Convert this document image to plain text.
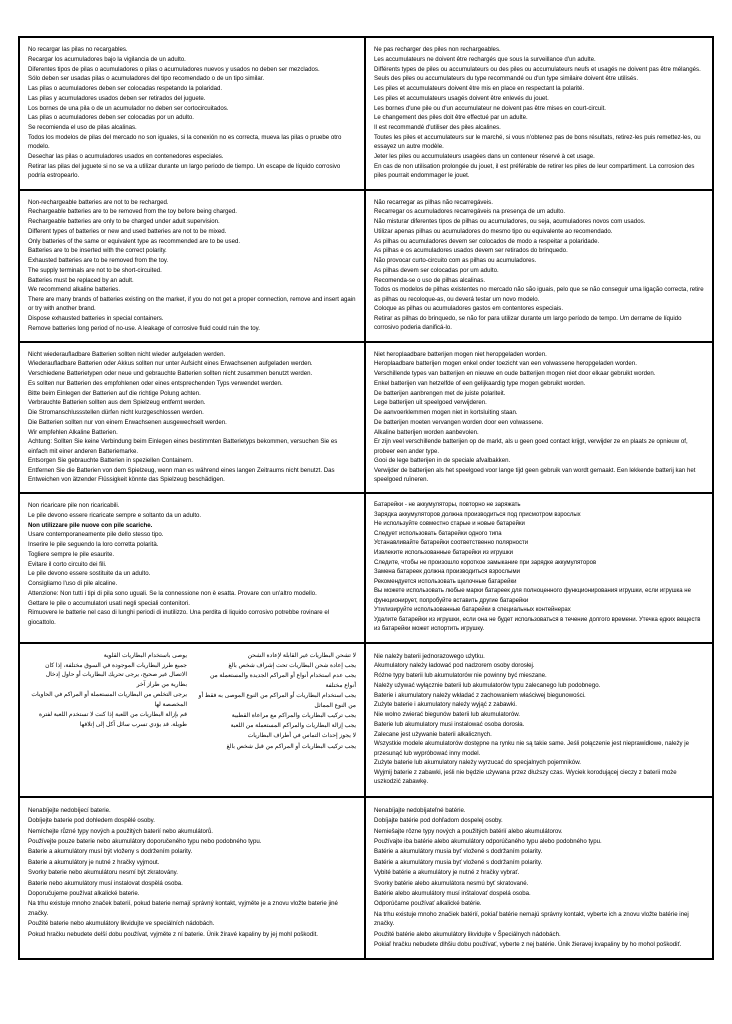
No recargar las pilas no recargables.

Recargar los acumuladores bajo la vigilancia de un adulto.

Diferentes tipos de pilas o acumuladores o pilas o acumuladores nuevos y usados no deben ser mezclados.

Sólo deben ser usadas pilas o acumuladores del tipo recomendado o de un tipo similar.

Las pilas o acumuladores deben ser colocadas respetando la polaridad.

Las pilas y acumuladores usados deben ser retirados del juguete.

Los bornes de una pila o de un acumulador no deben ser cortocircuitados.

Las pilas o acumuladores deben ser colocadas por un adulto.

Se recomienda el uso de pilas alcalinas.

Todos los modelos de pilas del mercado no son iguales, si la conexión no es correcta, mueva las pilas o pruebe otro modelo.

Desechar las pilas o acumuladores usados en contenedores especiales.

Retirar las pilas del juguete si no se va a utilizar durante un largo periodo de tiempo. Un escape de líquido corrosivo podría estropearlo.

Ne pas recharger des piles non rechargeables.

Les accumulateurs ne doivent être rechargés que sous la surveillance d'un adulte.

Différents types de piles ou accumulateurs ou des piles ou accumulateurs neufs et usagés ne doivent pas être mélangés.

Seuls des piles ou accumulateurs du type recommandé ou d'un type similaire doivent être utilisés.

Les piles et accumulateurs doivent être mis en place en respectant la polarité.

Les piles et accumulateurs usagés doivent être enlevés du jouet.

Les bornes d'une pile ou d'un accumulateur ne doivent pas être mises en court-circuit.

Le changement des piles doit être effectué par un adulte.

Il est recommandé d'utiliser des piles alcalines.

Toutes les piles et accumulateurs sur le marché, si vous n'obtenez pas de bons résultats, retirez-les puis remettez-les, ou essayez un autre modèle.

Jeter les piles ou accumulateurs usagées dans un conteneur réservé à cet usage.

En cas de non utilisation prolongée du jouet, il est préférable de retirer les piles de leur compartiment. La corrosion des piles pourrait endommager le jouet.

Non-rechargeable batteries are not to be recharged.

Rechargeable batteries are to be removed from the toy before being charged.

Rechargeable batteries are only to be charged under adult supervision.

Different types of batteries or new and used batteries are not to be mixed.

Only batteries of the same or equivalent type as recommended are to be used.

Batteries are to be inserted with the correct polarity.

Exhausted batteries are to be removed from the toy.

The supply terminals are not to be short-circuited.

Batteries must be replaced by an adult.

We recommend alkaline batteries.

There are many brands of batteries existing on the market, if you do not get a proper connection, remove and insert again or try with another brand.

Dispose exhausted batteries in special containers.

Remove batteries long period of no-use. A leakage of corrosive fluid could ruin the toy.

Não recarregar as pilhas não recarregáveis.

Recarregar os acumuladores recarregáveis na presença de um adulto.

Não misturar diferentes tipos de pilhas ou acumuladores, ou seja, acumuladores novos com usados.

Utilizar apenas pilhas ou acumuladores do mesmo tipo ou equivalente ao recomendado.

As pilhas ou acumuladores devem ser colocados de modo a respeitar a polaridade.

As pilhas e os acumuladores usados devem ser retirados do brinquedo.

Não provocar curto-circuito com as pilhas ou acumuladores.

As pilhas devem ser colocadas por um adulto.

Recomenda-se o uso de pilhas alcalinas.

Todos os modelos de pilhas existentes no mercado não são iguais, pelo que se não conseguir uma ligação correcta, retire as pilhas ou recoloque-as, ou deverá testar um novo modelo.

Coloque as pilhas ou acumuladores gastos em contentores especiais.

Retirar as pilhas do brinquedo, se não for para utilizar durante um largo período de tempo. Um derrame de líquido corrosivo poderia danificá-lo.

Nicht wiederaufladbare Batterien sollten nicht wieder aufgeladen werden.

Wiederaufladbare Batterien oder Akkus sollten nur unter Aufsicht eines Erwachsenen aufgeladen werden.

Verschiedene Batterietypen oder neue und gebrauchte Batterien sollten nicht zusammen benutzt werden.

Es sollten nur Batterien des empfohlenen oder eines entsprechenden Typs verwendet werden.

Bitte beim Einlegen der Batterien auf die richtige Polung achten.

Verbrauchte Batterien sollten aus dem Spielzeug entfernt werden.

Die Stromanschlussstellen dürfen nicht kurzgeschlossen werden.

Die Batterien sollten nur von einem Erwachsenen ausgewechselt werden.

Wir empfehlen Alkaline Batterien.

Achtung: Sollten Sie keine Verbindung beim Einlegen eines bestimmten Batterietyps bekommen, versuchen Sie es einfach mit einer anderen Batteriemarke.

Entsorgen Sie gebrauchte Batterien in speziellen Containern.

Entfernen Sie die Batterien von dem Spielzeug, wenn man es während eines langen Zeitraums nicht benutzt. Das Entweichen von ätzender Flüssigkeit könnte das Spielzeug beschädigen.

Niet heroplaadbare batterijen mogen niet heropgeladen worden.

Heroplaadbare batterijen mogen enkel onder toezicht van een volwassene heropgeladen worden.

Verschillende types van batterijen en nieuwe en oude batterijen mogen niet door elkaar gebruikt worden.

Enkel batterijen van hetzelfde of een gelijkaardig type mogen gebruikt worden.

De batterijen aanbrengen met de juiste polariteit.

Lege batterijen uit speelgoed verwijderen.

De aanvoerklemmen mogen niet in kortsluiting staan.

De batterijen moeten vervangen worden door een volwassene.

Alkaline batterijen worden aanbevolen.

Er zijn veel verschillende batterijen op de markt, als u geen goed contact krijgt, verwijder ze en plaats ze opnieuw of, probeer een ander type.

Gooi de lege batterijen in de speciale afvalbakken.

Verwijder de batterijen als het speelgoed voor lange tijd geen gebruik van wordt gemaakt. Een lekkende batterij kan het speelgoed ruïneren.

Non ricaricare pile non ricaricabili.

Le pile devono essere ricaricate sempre e soltanto da un adulto.

Non utilizzare pile nuove con pile scariche.

Usare contemporaneamente pile dello stesso tipo.

Inserire le pile seguendo la loro corretta polarità.

Togliere sempre le pile esaurite.

Evitare il corto circuito dei fili.

Le pile devono essere sostituite da un adulto.

Consigliamo l'uso di pile alcaline.

Attenzione: Non tutti i tipi di pila sono uguali. Se la connessione non è esatta. Provare con un'altro modello.

Gettare le pile o accumulatori usati negli speciali contenitori.

Rimuovere le batterie nel caso di lunghi periodi di inutilizzo. Una perdita di liquido corrosivo potrebbe rovinare el giocattolo.

Батарейки - не аккумуляторы, повторно не заряжать

Зарядка аккумуляторов должна производиться под присмотром взрослых

Не используйте совместно старые и новые батарейки

Следует использовать батарейки одного типа

Устанавливайте батарейки соответственно полярности

Извлеките использованные батарейки из игрушки

Следите, чтобы не произошло короткое замыкание при зарядке аккумуляторов

Замена батареек должна производиться взрослыми

Рекомендуется использовать щелочные батарейки

Вы можете использовать любые марки батареек для полноценного функционирования игрушки, если игрушка не функционирует, попробуйте вставить другие батарейки

Утилизируйте использованные батарейки в специальных контейнерах

Удалите батарейки из игрушки, если она не будет использоваться в течение долгого времени. Утечка едких веществ из батарейки может испортить игрушку.

لا تشحن البطاريات غير القابلة لإعادة الشحن

يجب إعادة شحن البطاريات تحت إشراف شخص بالغ

يجب عدم استخدام أنواع أو المراكم الجديدة والمستعملة من أنواع مختلفة

يجب استخدام البطاريات أو المراكم من النوع الموصى به فقط أو من النوع المماثل

يجب تركيب البطاريات والمراكم مع مراعاة القطبية

يجب إزالة البطاريات والمراكم المستعملة من اللعبة

لا يجوز إحداث التماس في أطراف البطاريات

يجب تركيب البطاريات أو المراكم من قبل شخص بالغ

يوصى باستخدام البطاريات القلوية

جميع طرز البطاريات الموجودة في السوق مختلفة، إذا كان الاتصال غير صحيح، يرجى تحريك البطاريات أو حاول إدخال بطارية من طراز آخر

يرجى التخلص من البطاريات المستعملة أو المراكم في الحاويات المخصصة لها

قم بإزالة البطاريات من اللعبة إذا كنت لا تستخدم اللعبة لفترة طويلة. قد يؤدي تسرب سائل آكل إلى إتلافها

Nie należy baterii jednorazowego użytku.

Akumulatory należy ładować pod nadzorem osoby dorosłej.

Różne typy baterii lub akumulatorów nie powinny być mieszane.

Należy używać wyłącznie baterii lub akumulatorów typu zalecanego lub podobnego.

Baterie i akumulatory należy wkładać z zachowaniem właściwej biegunowości.

Zużyte baterie i akumulatory należy wyjąć z zabawki.

Nie wolno zwierać biegunów baterii lub akumulatorów.

Baterie lub akumulatory musi instalować osoba dorosła.

Zalecane jest używanie baterii alkalicznych.

Wszystkie modele akumulatorów dostępne na rynku nie są takie same. Jeśli połączenie jest nieprawidłowe, należy je przesunąć lub wypróbować inny model.

Zużyte baterie lub akumulatory należy wyrzucać do specjalnych pojemników.

Wyjmij baterie z zabawki, jeśli nie będzie używana przez dłuższy czas. Wyciek korodującej cieczy z baterii może uszkodzić zabawkę.

Nenabíjejte nedobíjecí baterie.

Dobíjejte baterie pod dohledem dospělé osoby.

Nemíchejte různé typy nových a použitých baterií nebo akumulátorů.

Používejte pouze baterie nebo akumulátory doporučeného typu nebo podobného typu.

Baterie a akumulátory musí být vloženy s dodržením polarity.

Baterie a akumulátory je nutné z hračky vyjmout.

Svorky baterie nebo akumulátoru nesmí být zkratovány.

Baterie nebo akumulátory musí instalovat dospělá osoba.

Doporučujeme používat alkalické baterie.

Na trhu existuje mnoho značek baterií, pokud baterie nemají správný kontakt, vyjměte je a znovu vložte baterie jiné značky.

Použité baterie nebo akumulátory likvidujte ve speciálních nádobách.

Pokud hračku nebudete delší dobu používat, vyjměte z ní baterie. Únik žíravé kapaliny by jej mohl poškodit.

Nenabíjajte nedobíjateľné batérie.

Dobíjajte batérie pod dohľadom dospelej osoby.

Nemiešajte rôzne typy nových a použitých batérií alebo akumulátorov.

Používajte iba batérie alebo akumulátory odporúčaného typu alebo podobného typu.

Batérie a akumulátory musia byť vložené s dodržaním polarity.

Batérie a akumulátory musia byť vložené s dodržaním polarity.

Vybité batérie a akumulátory je nutné z hračky vybrať.

Svorky batérie alebo akumulátora nesmú byť skratované.

Batérie alebo akumulátory musí inštalovať dospelá osoba.

Odporúčame používať alkalické batérie.

Na trhu existuje mnoho značiek batérií, pokiaľ batérie nemajú správny kontakt, vyberte ich a znovu vložte batérie inej značky.

Použité batérie alebo akumulátory likvidujte v Špeciálnych nádobách.

Pokiaľ hračku nebudete dlhšiu dobu používať, vyberte z nej batérie. Únik žieravej kvapaliny by ho mohol poškodiť.
